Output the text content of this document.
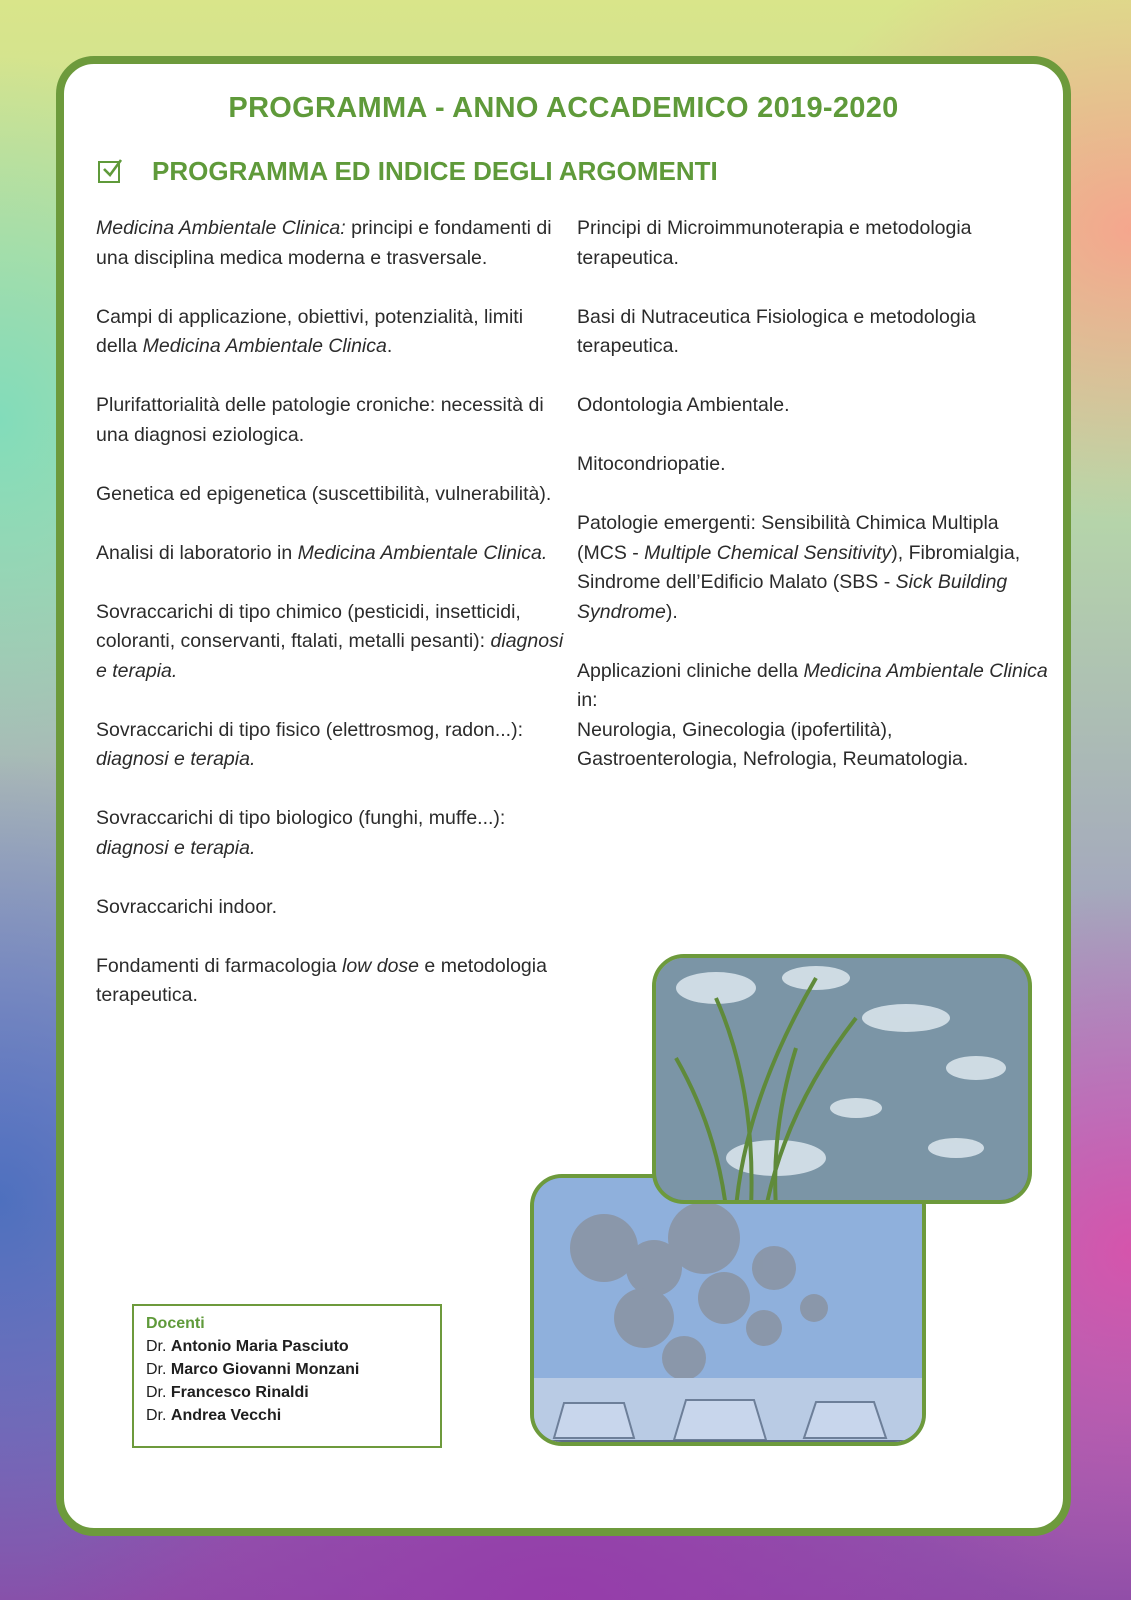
PROGRAMMA - ANNO ACCADEMICO 2019-2020
PROGRAMMA ED INDICE DEGLI ARGOMENTI

Medicina Ambientale Clinica: principi e fondamenti di una disciplina medica moderna e trasversale.

Campi di applicazione, obiettivi, potenzialità, limiti della Medicina Ambientale Clinica.

Plurifattorialità delle patologie croniche: necessità di una diagnosi eziologica.

Genetica ed epigenetica (suscettibilità, vulnerabilità).

Analisi di laboratorio in Medicina Ambientale Clinica.

Sovraccarichi di tipo chimico (pesticidi, insetticidi, coloranti, conservanti, ftalati, metalli pesanti): diagnosi e terapia.

Sovraccarichi di tipo fisico (elettrosmog, radon...): diagnosi e terapia.

Sovraccarichi di tipo biologico (funghi, muffe...): diagnosi e terapia.

Sovraccarichi indoor.

Fondamenti di farmacologia low dose e metodologia terapeutica.

Principi di Microimmunoterapia e metodologia terapeutica.

Basi di Nutraceutica Fisiologica e metodologia terapeutica.

Odontologia Ambientale.

Mitocondriopatie.

Patologie emergenti: Sensibilità Chimica Multipla (MCS - Multiple Chemical Sensitivity), Fibromialgia, Sindrome dell’Edificio Malato (SBS - Sick Building Syndrome).

Applicazioni cliniche della Medicina Ambientale Clinica in:
Neurologia, Ginecologia (ipofertilità), Gastroenterologia, Nefrologia, Reumatologia.

Docenti
Dr. Antonio Maria Pasciuto
Dr. Marco Giovanni Monzani
Dr. Francesco Rinaldi
Dr. Andrea Vecchi
